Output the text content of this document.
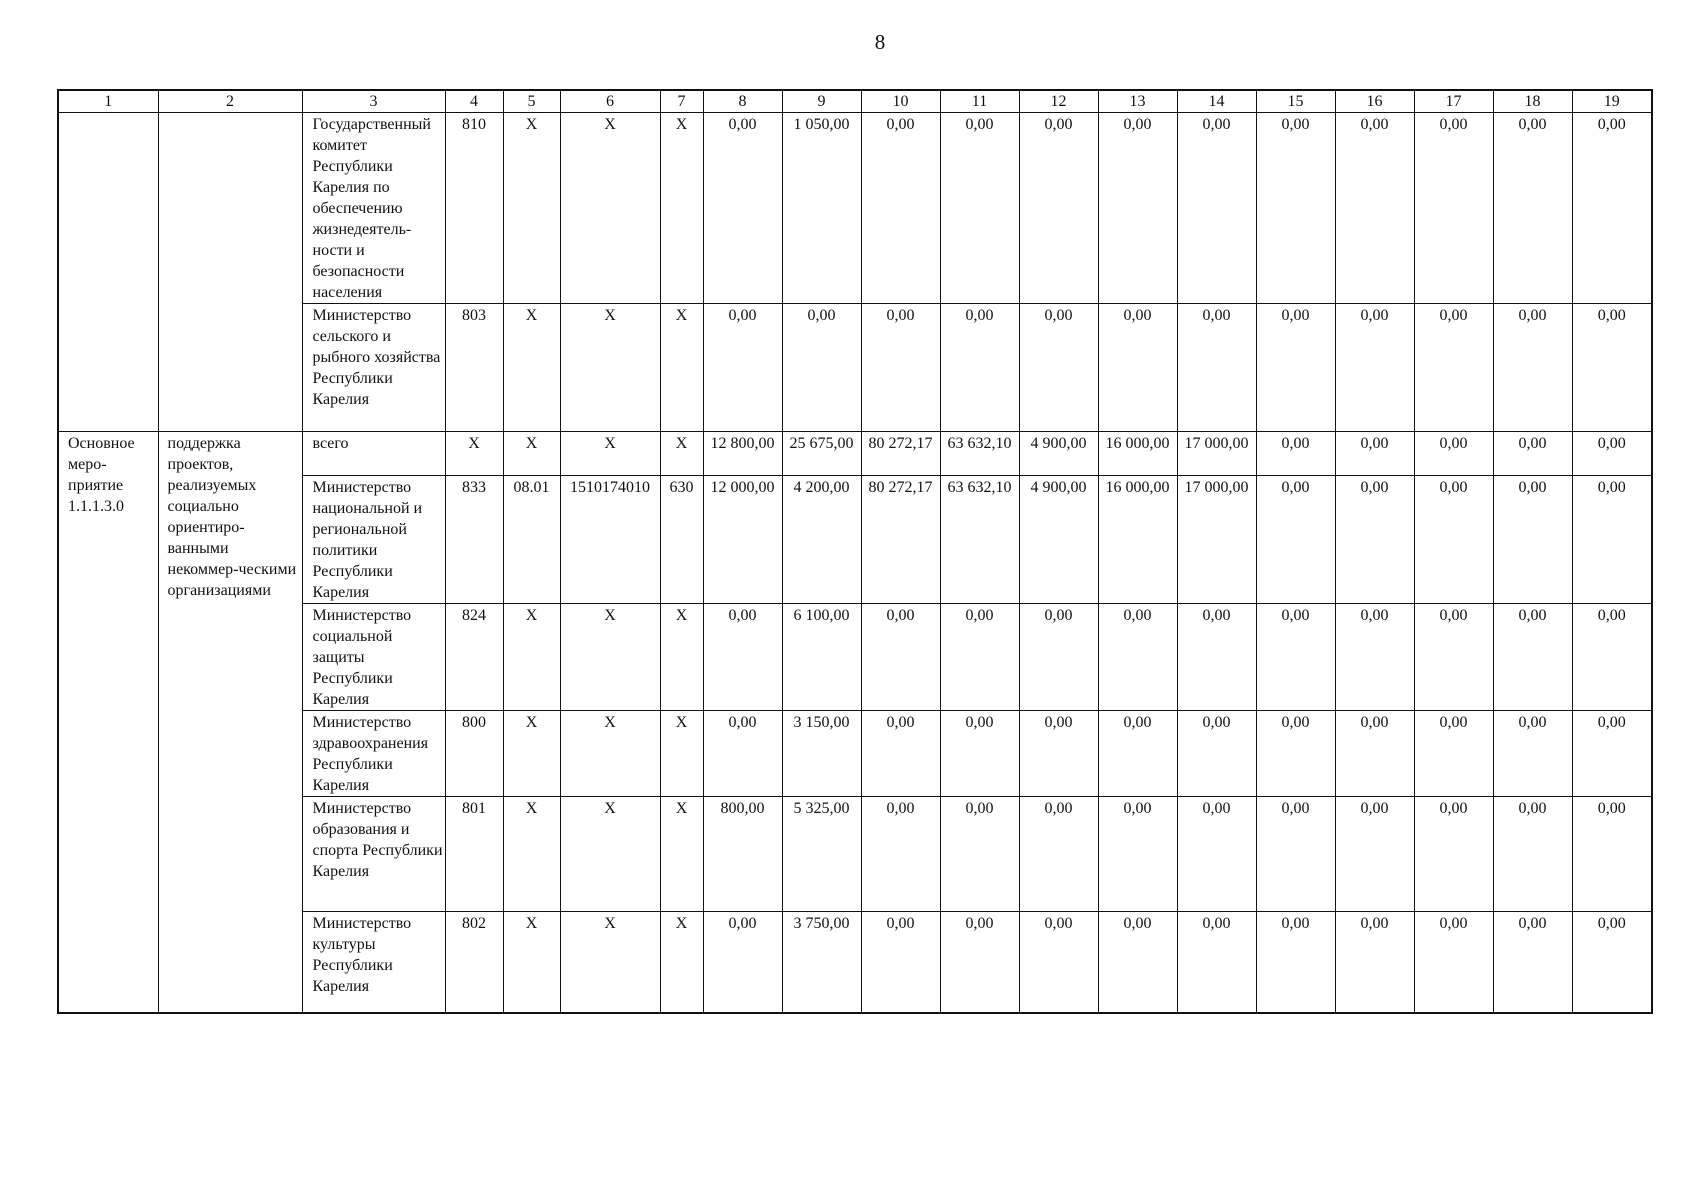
8
1	2	3	4	5	6	7	8	9	10	11	12	13	14	15	16	17	18	19
		Государственный комитет Республики Карелия по обеспечению жизнедеятель-ности и безопасности населения	810	X	X	X	0,00	1 050,00	0,00	0,00	0,00	0,00	0,00	0,00	0,00	0,00	0,00	0,00
		Министерство сельского и рыбного хозяйства Республики Карелия	803	X	X	X	0,00	0,00	0,00	0,00	0,00	0,00	0,00	0,00	0,00	0,00	0,00	0,00
Основное меро-приятие 1.1.1.3.0	поддержка проектов, реализуемых социально ориентиро-ванными некоммер-ческими организациями	всего	X	X	X	X	12 800,00	25 675,00	80 272,17	63 632,10	4 900,00	16 000,00	17 000,00	0,00	0,00	0,00	0,00	0,00
		Министерство национальной и региональной политики Республики Карелия	833	08.01	1510174010	630	12 000,00	4 200,00	80 272,17	63 632,10	4 900,00	16 000,00	17 000,00	0,00	0,00	0,00	0,00	0,00
		Министерство социальной защиты Республики Карелия	824	X	X	X	0,00	6 100,00	0,00	0,00	0,00	0,00	0,00	0,00	0,00	0,00	0,00	0,00
		Министерство здравоохранения Республики Карелия	800	X	X	X	0,00	3 150,00	0,00	0,00	0,00	0,00	0,00	0,00	0,00	0,00	0,00	0,00
		Министерство образования и спорта Республики Карелия	801	X	X	X	800,00	5 325,00	0,00	0,00	0,00	0,00	0,00	0,00	0,00	0,00	0,00	0,00
		Министерство культуры Республики Карелия	802	X	X	X	0,00	3 750,00	0,00	0,00	0,00	0,00	0,00	0,00	0,00	0,00	0,00	0,00
